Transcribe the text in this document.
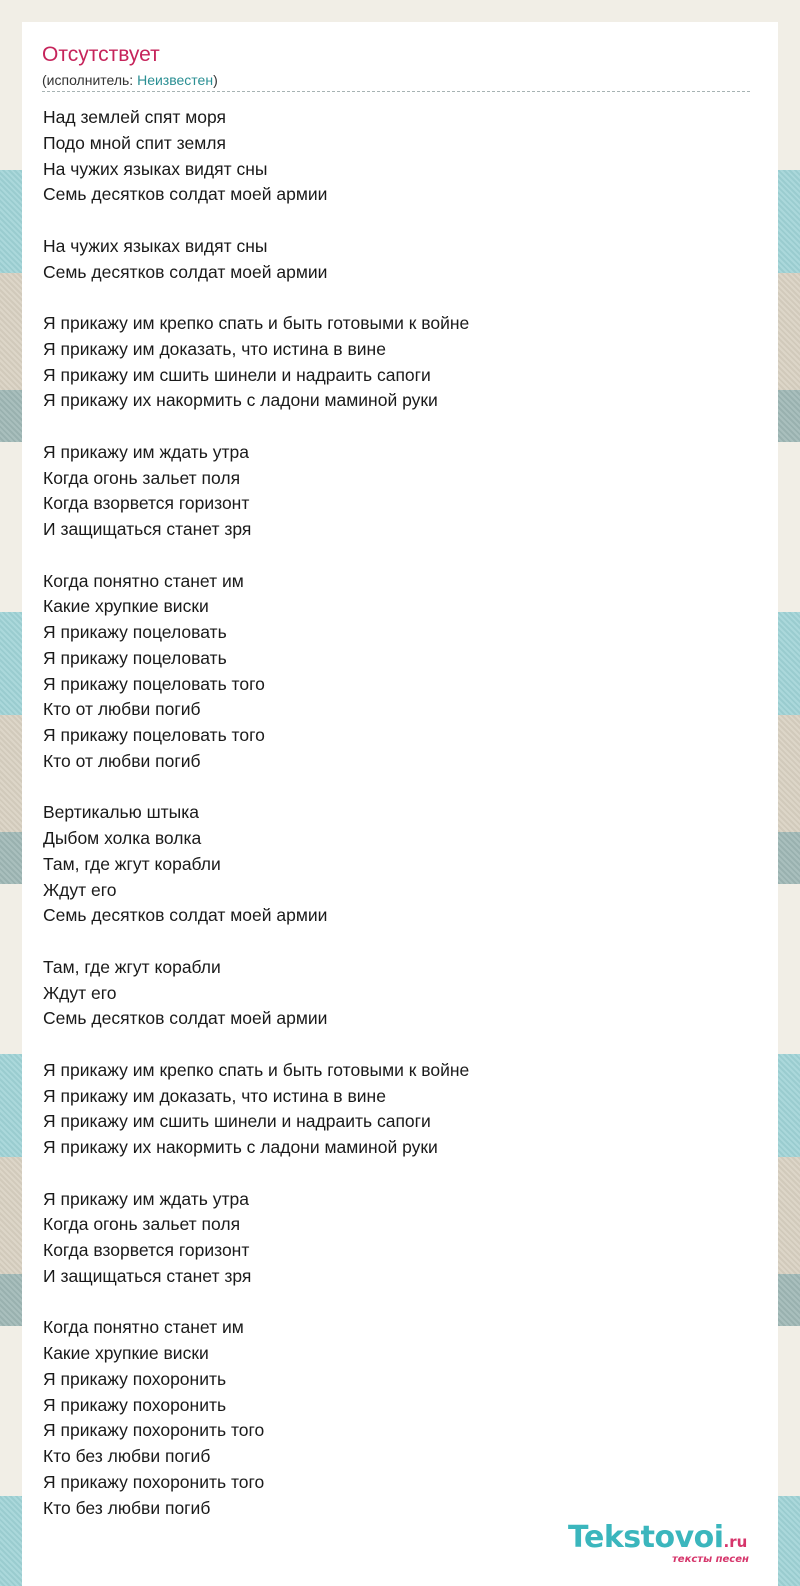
Отсутствует
(исполнитель: Неизвестен)
Над землей спят моря
Подо мной спит земля
На чужих языках видят сны
Семь десятков солдат моей армии
На чужих языках видят сны
Семь десятков солдат моей армии
Я прикажу им крепко спать и быть готовыми к войне
Я прикажу им доказать, что истина в вине
Я прикажу им сшить шинели и надраить сапоги
Я прикажу их накормить с ладони маминой руки
Я прикажу им ждать утра
Когда огонь зальет поля
Когда взорвется горизонт
И защищаться станет зря
Когда понятно станет им
Какие хрупкие виски
Я прикажу поцеловать
Я прикажу поцеловать
Я прикажу поцеловать того
Кто от любви погиб
Я прикажу поцеловать того
Кто от любви погиб
Вертикалью штыка
Дыбом холка волка
Там, где жгут корабли
Ждут его
Семь десятков солдат моей армии
Там, где жгут корабли
Ждут его
Семь десятков солдат моей армии
Я прикажу им крепко спать и быть готовыми к войне
Я прикажу им доказать, что истина в вине
Я прикажу им сшить шинели и надраить сапоги
Я прикажу их накормить с ладони маминой руки
Я прикажу им ждать утра
Когда огонь зальет поля
Когда взорвется горизонт
И защищаться станет зря
Когда понятно станет им
Какие хрупкие виски
Я прикажу похоронить
Я прикажу похоронить
Я прикажу похоронить того
Кто без любви погиб
Я прикажу похоронить того
Кто без любви погиб
Tekstovoi.ru
тексты песен
